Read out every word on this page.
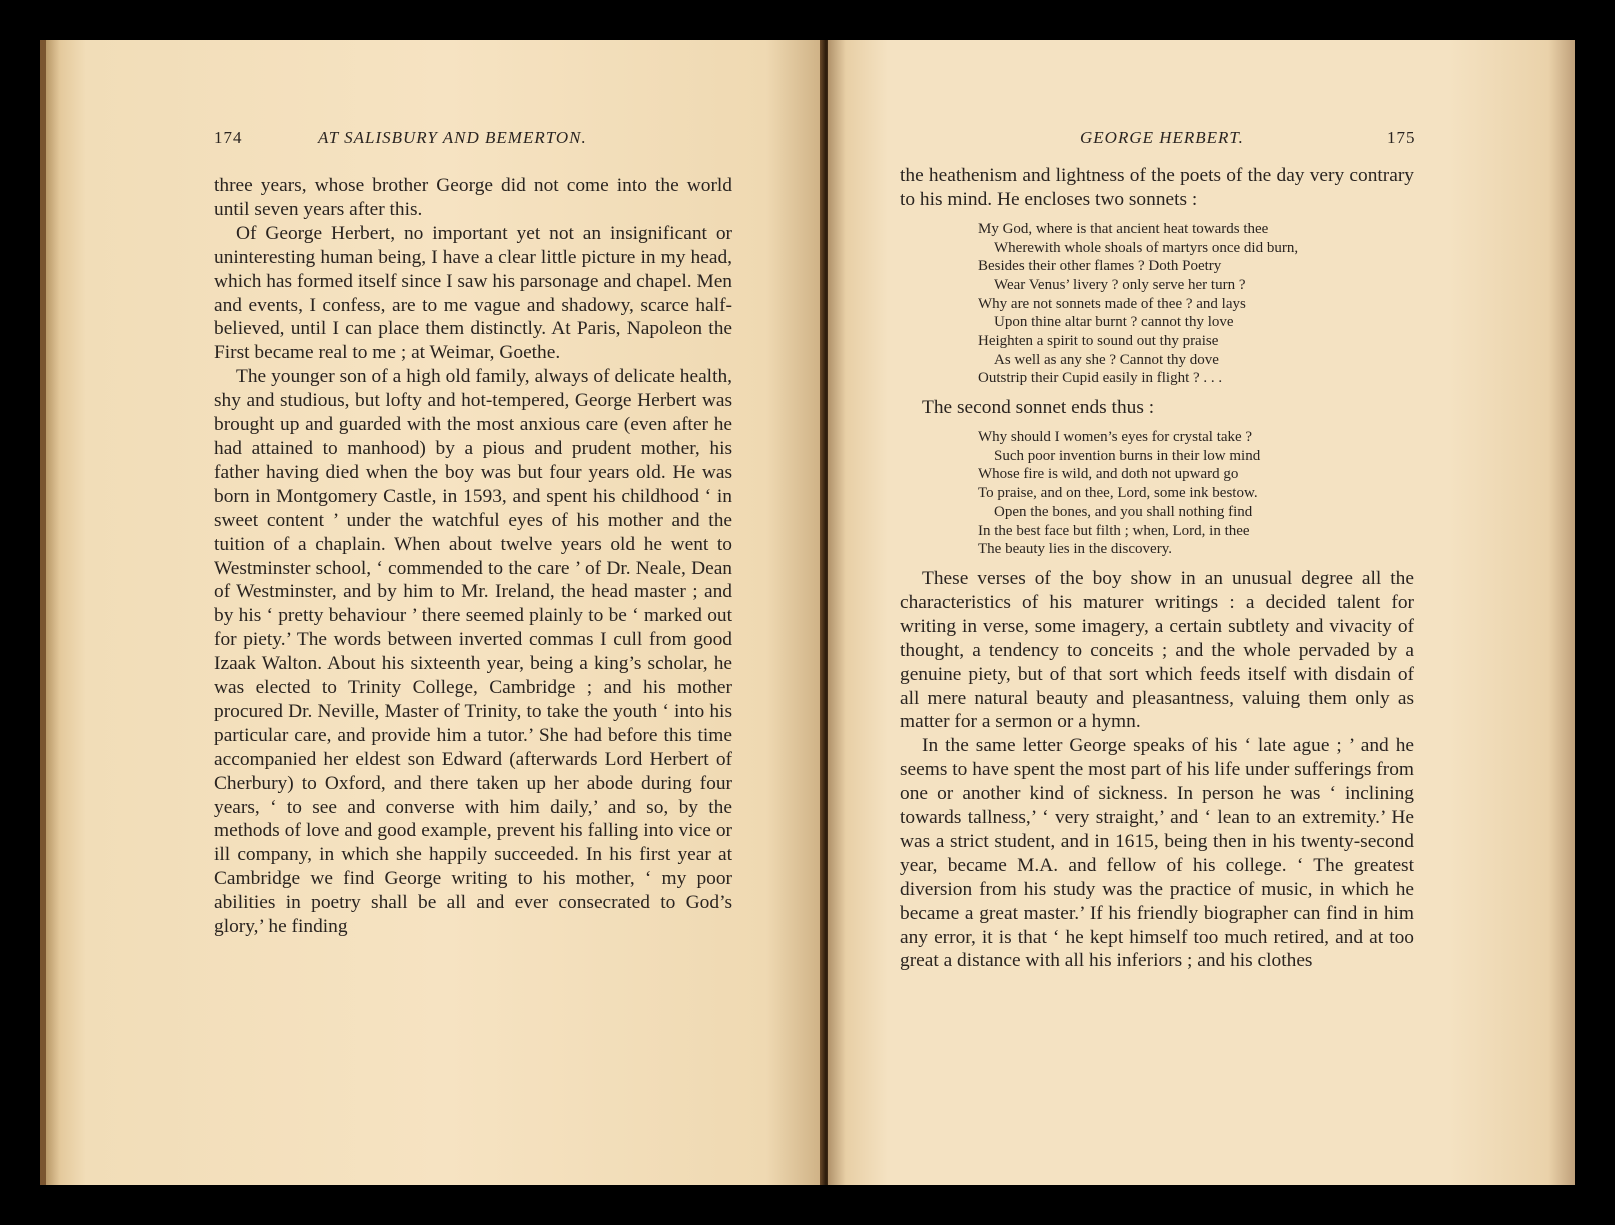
174	AT SALISBURY AND BEMERTON.

three years, whose brother George did not come into the world until seven years after this.

Of George Herbert, no important yet not an insignificant or uninteresting human being, I have a clear little picture in my head, which has formed itself since I saw his parsonage and chapel. Men and events, I confess, are to me vague and shadowy, scarce half-believed, until I can place them distinctly. At Paris, Napoleon the First became real to me ; at Weimar, Goethe.

The younger son of a high old family, always of delicate health, shy and studious, but lofty and hot-tempered, George Herbert was brought up and guarded with the most anxious care (even after he had attained to manhood) by a pious and prudent mother, his father having died when the boy was but four years old. He was born in Montgomery Castle, in 1593, and spent his childhood ‘ in sweet content ’ under the watchful eyes of his mother and the tuition of a chaplain. When about twelve years old he went to Westminster school, ‘ commended to the care ’ of Dr. Neale, Dean of Westminster, and by him to Mr. Ireland, the head master ; and by his ‘ pretty behaviour ’ there seemed plainly to be ‘ marked out for piety.’ The words between inverted commas I cull from good Izaak Walton. About his sixteenth year, being a king’s scholar, he was elected to Trinity College, Cambridge ; and his mother procured Dr. Neville, Master of Trinity, to take the youth ‘ into his particular care, and provide him a tutor.’ She had before this time accompanied her eldest son Edward (afterwards Lord Herbert of Cherbury) to Oxford, and there taken up her abode during four years, ‘ to see and converse with him daily,’ and so, by the methods of love and good example, prevent his falling into vice or ill company, in which she happily succeeded. In his first year at Cambridge we find George writing to his mother, ‘ my poor abilities in poetry shall be all and ever consecrated to God’s glory,’ he finding

GEORGE HERBERT.	175

the heathenism and lightness of the poets of the day very contrary to his mind. He encloses two sonnets :

My God, where is that ancient heat towards thee
Wherewith whole shoals of martyrs once did burn,
Besides their other flames ? Doth Poetry
Wear Venus’ livery ? only serve her turn ?
Why are not sonnets made of thee ? and lays
Upon thine altar burnt ? cannot thy love
Heighten a spirit to sound out thy praise
As well as any she ? Cannot thy dove
Outstrip their Cupid easily in flight ? . . .

The second sonnet ends thus :

Why should I women’s eyes for crystal take ?
Such poor invention burns in their low mind
Whose fire is wild, and doth not upward go
To praise, and on thee, Lord, some ink bestow.
Open the bones, and you shall nothing find
In the best face but filth ; when, Lord, in thee
The beauty lies in the discovery.

These verses of the boy show in an unusual degree all the characteristics of his maturer writings : a decided talent for writing in verse, some imagery, a certain subtlety and vivacity of thought, a tendency to conceits ; and the whole pervaded by a genuine piety, but of that sort which feeds itself with disdain of all mere natural beauty and pleasantness, valuing them only as matter for a sermon or a hymn.

In the same letter George speaks of his ‘ late ague ; ’ and he seems to have spent the most part of his life under sufferings from one or another kind of sickness. In person he was ‘ inclining towards tallness,’ ‘ very straight,’ and ‘ lean to an extremity.’ He was a strict student, and in 1615, being then in his twenty-second year, became M.A. and fellow of his college. ‘ The greatest diversion from his study was the practice of music, in which he became a great master.’ If his friendly biographer can find in him any error, it is that ‘ he kept himself too much retired, and at too great a distance with all his inferiors ; and his clothes
